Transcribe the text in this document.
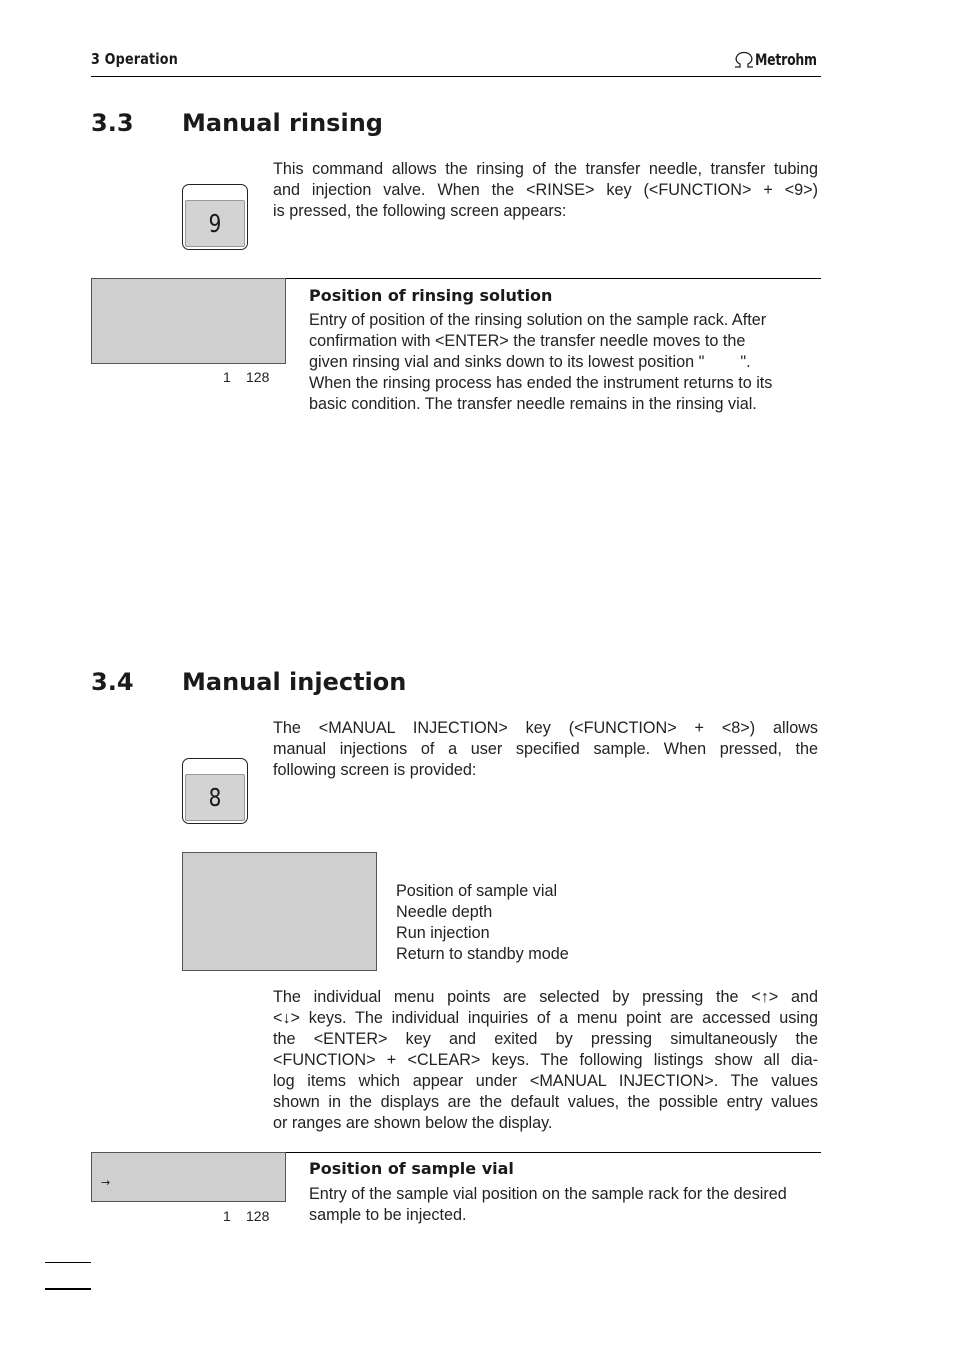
3 Operation	Metrohm
3.3 Manual rinsing
9
This command allows the rinsing of the transfer needle, transfer tubing
and injection valve. When the <RINSE> key (<FUNCTION> + <9>)
is pressed, the following screen appears:
1 128
Position of rinsing solution
Entry of position of the rinsing solution on the sample rack. After
confirmation with <ENTER> the transfer needle moves to the
given rinsing vial and sinks down to its lowest position "        ".
When the rinsing process has ended the instrument returns to its
basic condition. The transfer needle remains in the rinsing vial.
3.4 Manual injection
8
The <MANUAL INJECTION> key (<FUNCTION> + <8>) allows
manual injections of a user specified sample. When pressed, the
following screen is provided:
Position of sample vial
Needle depth
Run injection
Return to standby mode
The individual menu points are selected by pressing the <↑> and
<↓> keys. The individual inquiries of a menu point are accessed using
the <ENTER> key and exited by pressing simultaneously the
<FUNCTION> + <CLEAR> keys. The following listings show all dia-
log items which appear under <MANUAL INJECTION>. The values
shown in the displays are the default values, the possible entry values
or ranges are shown below the display.
→
1 128
Position of sample vial
Entry of the sample vial position on the sample rack for the desired
sample to be injected.
